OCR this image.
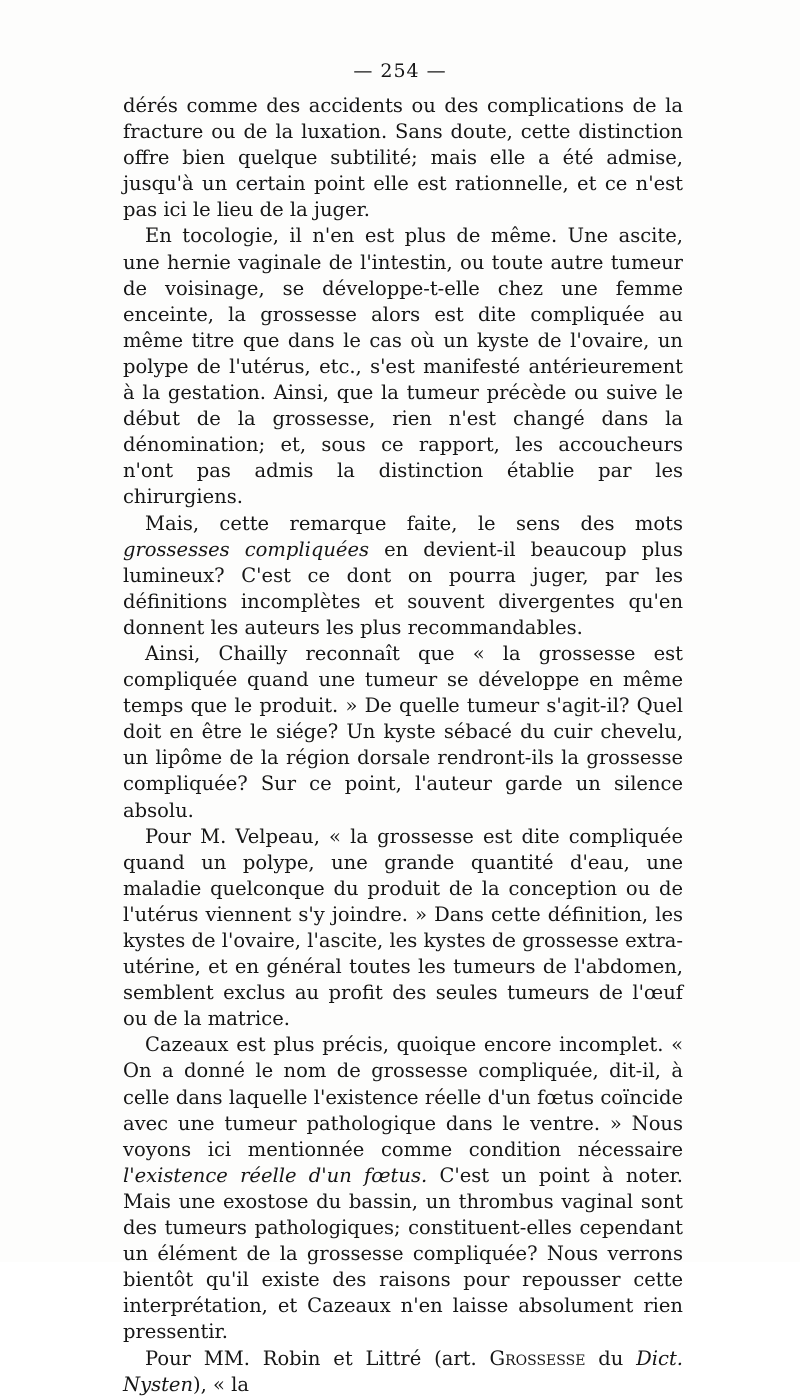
— 254 —

dérés comme des accidents ou des complications de la fracture ou de la luxation. Sans doute, cette distinction offre bien quelque subtilité; mais elle a été admise, jusqu'à un certain point elle est rationnelle, et ce n'est pas ici le lieu de la juger.

En tocologie, il n'en est plus de même. Une ascite, une hernie vaginale de l'intestin, ou toute autre tumeur de voisinage, se développe-t-elle chez une femme enceinte, la grossesse alors est dite compliquée au même titre que dans le cas où un kyste de l'ovaire, un polype de l'utérus, etc., s'est manifesté antérieurement à la gestation. Ainsi, que la tumeur précède ou suive le début de la grossesse, rien n'est changé dans la dénomination; et, sous ce rapport, les accoucheurs n'ont pas admis la distinction établie par les chirurgiens.

Mais, cette remarque faite, le sens des mots grossesses compliquées en devient-il beaucoup plus lumineux? C'est ce dont on pourra juger, par les définitions incomplètes et souvent divergentes qu'en donnent les auteurs les plus recommandables.

Ainsi, Chailly reconnaît que « la grossesse est compliquée quand une tumeur se développe en même temps que le produit. » De quelle tumeur s'agit-il? Quel doit en être le siége? Un kyste sébacé du cuir chevelu, un lipôme de la région dorsale rendront-ils la grossesse compliquée? Sur ce point, l'auteur garde un silence absolu.

Pour M. Velpeau, « la grossesse est dite compliquée quand un polype, une grande quantité d'eau, une maladie quelconque du produit de la conception ou de l'utérus viennent s'y joindre. » Dans cette définition, les kystes de l'ovaire, l'ascite, les kystes de grossesse extra-utérine, et en général toutes les tumeurs de l'abdomen, semblent exclus au profit des seules tumeurs de l'œuf ou de la matrice.

Cazeaux est plus précis, quoique encore incomplet. « On a donné le nom de grossesse compliquée, dit-il, à celle dans laquelle l'existence réelle d'un fœtus coïncide avec une tumeur pathologique dans le ventre. » Nous voyons ici mentionnée comme condition nécessaire l'existence réelle d'un fœtus. C'est un point à noter. Mais une exostose du bassin, un thrombus vaginal sont des tumeurs pathologiques; constituent-elles cependant un élément de la grossesse compliquée? Nous verrons bientôt qu'il existe des raisons pour repousser cette interprétation, et Cazeaux n'en laisse absolument rien pressentir.

Pour MM. Robin et Littré (art. Grossesse du Dict. Nysten), « la
